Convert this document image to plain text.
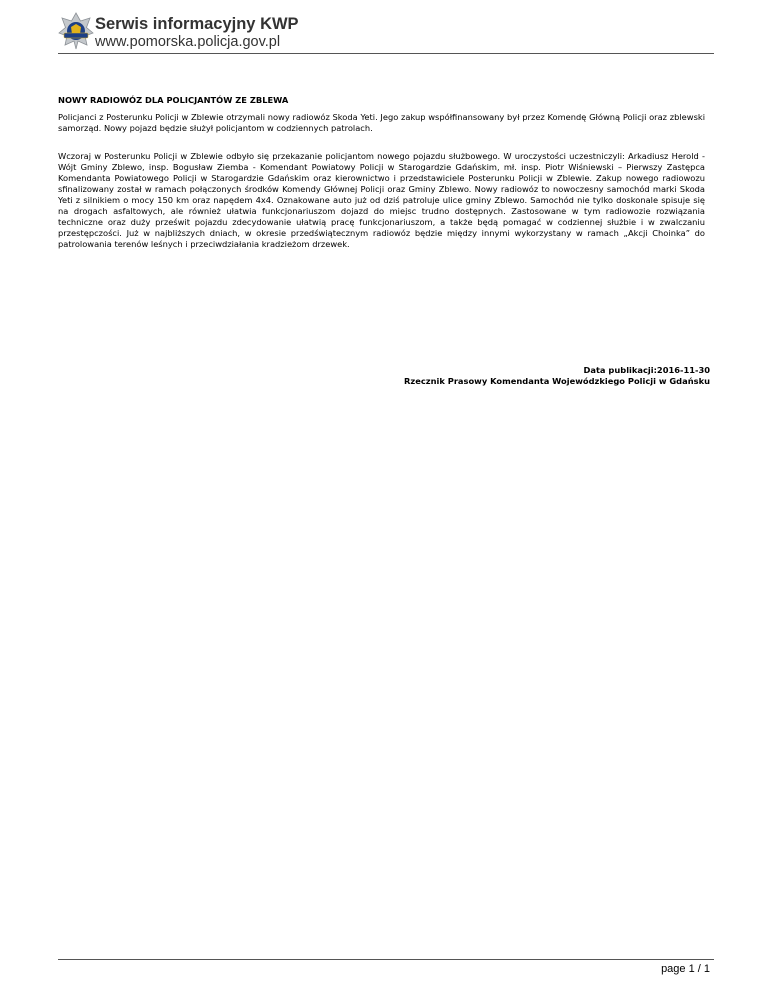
Serwis informacyjny KWP
www.pomorska.policja.gov.pl
NOWY RADIOWÓZ DLA POLICJANTÓW ZE ZBLEWA
Policjanci z Posterunku Policji w Zblewie otrzymali nowy radiowóz Skoda Yeti. Jego zakup współfinansowany był przez Komendę Główną Policji oraz zblewski samorząd. Nowy pojazd będzie służył policjantom w codziennych patrolach.
Wczoraj w Posterunku Policji w Zblewie odbyło się przekazanie policjantom nowego pojazdu służbowego. W uroczystości uczestniczyli: Arkadiusz Herold - Wójt Gminy Zblewo, insp. Bogusław Ziemba - Komendant Powiatowy Policji w Starogardzie Gdańskim, mł. insp. Piotr Wiśniewski – Pierwszy Zastępca Komendanta Powiatowego Policji w Starogardzie Gdańskim oraz kierownictwo i przedstawiciele Posterunku Policji w Zblewie. Zakup nowego radiowozu sfinalizowany został w ramach połączonych środków Komendy Głównej Policji oraz Gminy Zblewo. Nowy radiowóz to nowoczesny samochód marki Skoda Yeti z silnikiem o mocy 150 km oraz napędem 4x4. Oznakowane auto już od dziś patroluje ulice gminy Zblewo. Samochód nie tylko doskonale spisuje się na drogach asfaltowych, ale również ułatwia funkcjonariuszom dojazd do miejsc trudno dostępnych. Zastosowane w tym radiowozie rozwiązania techniczne oraz duży prześwit pojazdu zdecydowanie ułatwią pracę funkcjonariuszom, a także będą pomagać w codziennej służbie i w zwalczaniu przestępczości. Już w najbliższych dniach, w okresie przedświątecznym radiowóz będzie między innymi wykorzystany w ramach „Akcji Choinka” do patrolowania terenów leśnych i przeciwdziałania kradzieżom drzewek.
Data publikacji:2016-11-30
Rzecznik Prasowy Komendanta Wojewódzkiego Policji w Gdańsku
page 1 / 1
